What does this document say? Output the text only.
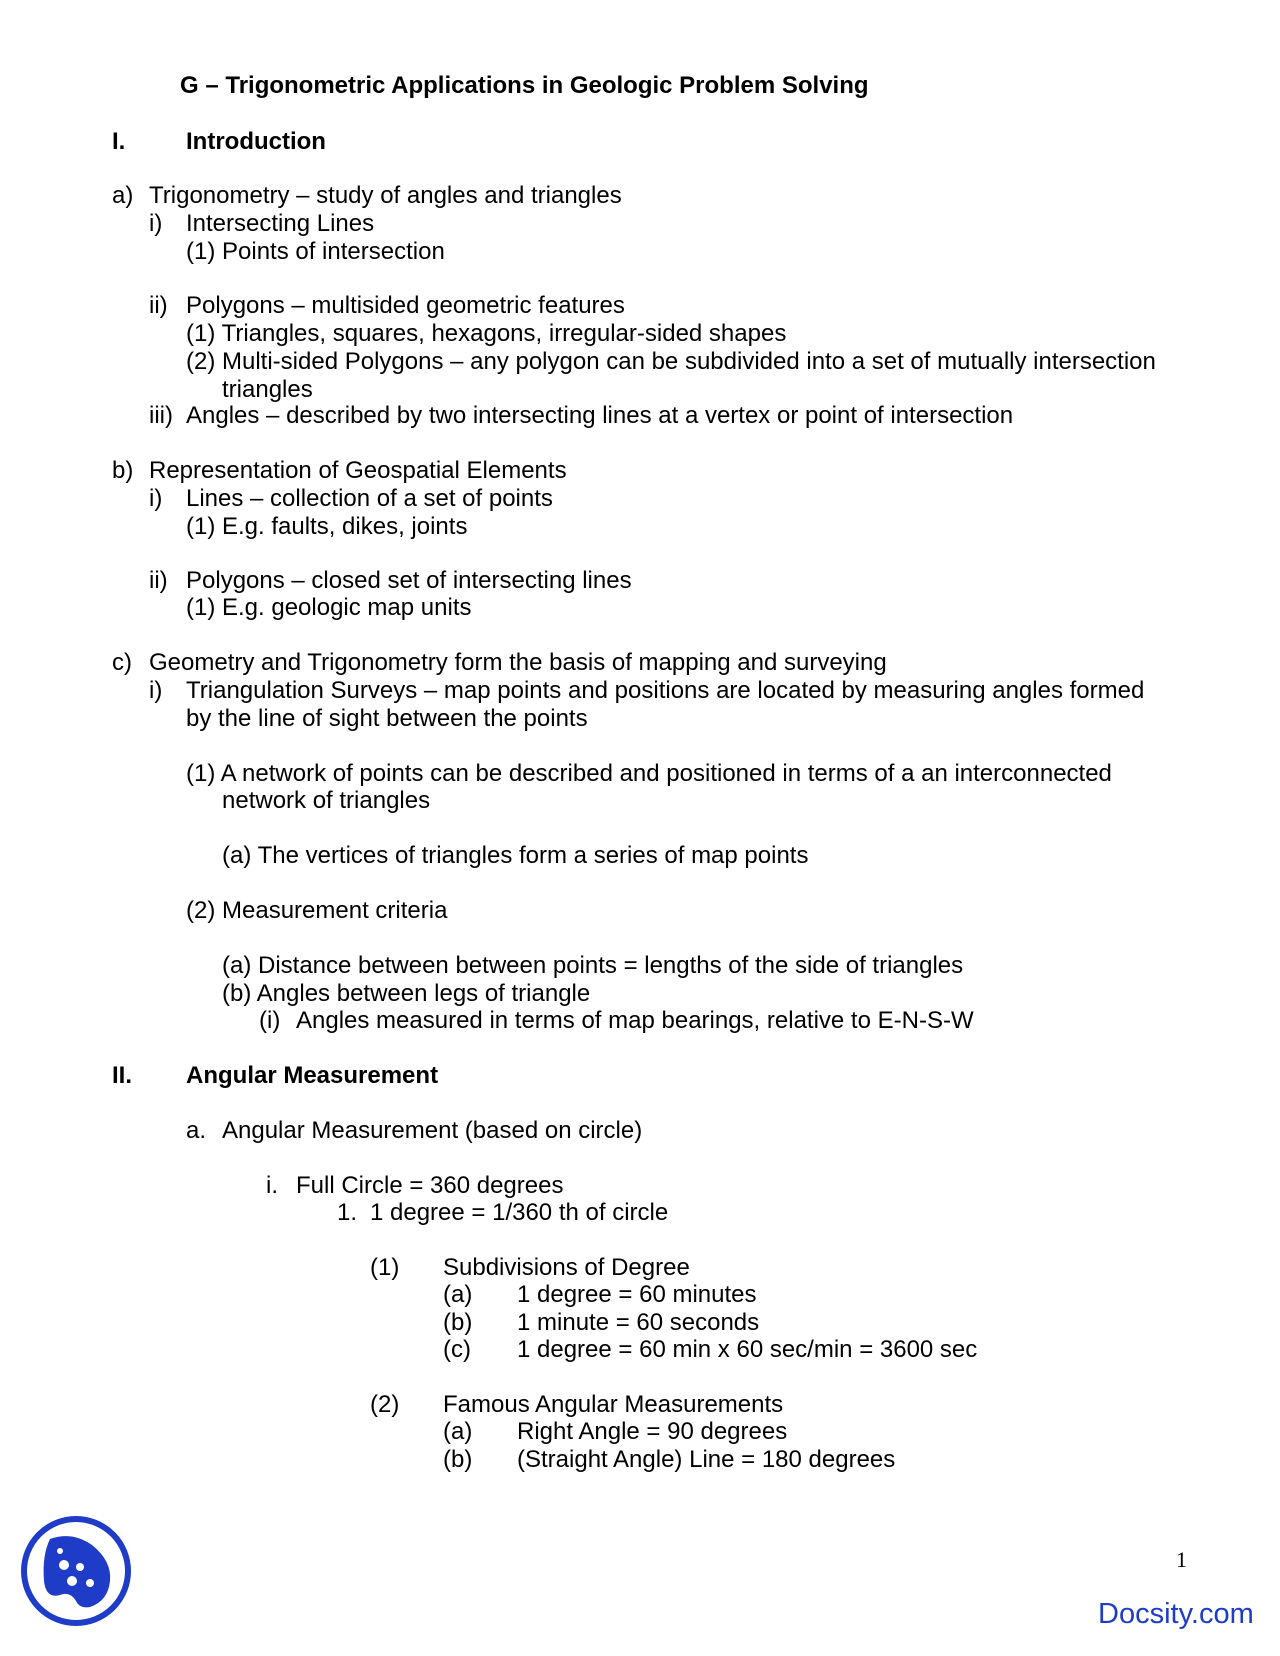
G – Trigonometric Applications in Geologic Problem Solving
I.	Introduction
a) Trigonometry – study of angles and triangles
i) Intersecting Lines
(1) Points of intersection
ii) Polygons – multisided geometric features
(1) Triangles, squares, hexagons, irregular-sided shapes
(2) Multi-sided Polygons – any polygon can be subdivided into a set of mutually intersection
triangles
iii) Angles – described by two intersecting lines at a vertex or point of intersection
b) Representation of Geospatial Elements
i) Lines – collection of a set of points
(1) E.g. faults, dikes, joints
ii) Polygons – closed set of intersecting lines
(1) E.g. geologic map units
c) Geometry and Trigonometry form the basis of mapping and surveying
i) Triangulation Surveys – map points and positions are located by measuring angles formed
by the line of sight between the points
(1) A network of points can be described and positioned in terms of a an interconnected
network of triangles
(a) The vertices of triangles form a series of map points
(2) Measurement criteria
(a) Distance between between points = lengths of the side of triangles
(b) Angles between legs of triangle
(i) Angles measured in terms of map bearings, relative to E-N-S-W
II. Angular Measurement
a. Angular Measurement (based on circle)
i. Full Circle = 360 degrees
1. 1 degree = 1/360 th of circle
(1) Subdivisions of Degree
(a) 1 degree = 60 minutes
(b) 1 minute = 60 seconds
(c) 1 degree = 60 min x 60 sec/min = 3600 sec
(2) Famous Angular Measurements
(a) Right Angle = 90 degrees
(b) (Straight Angle) Line = 180 degrees
1
Docsity.com
